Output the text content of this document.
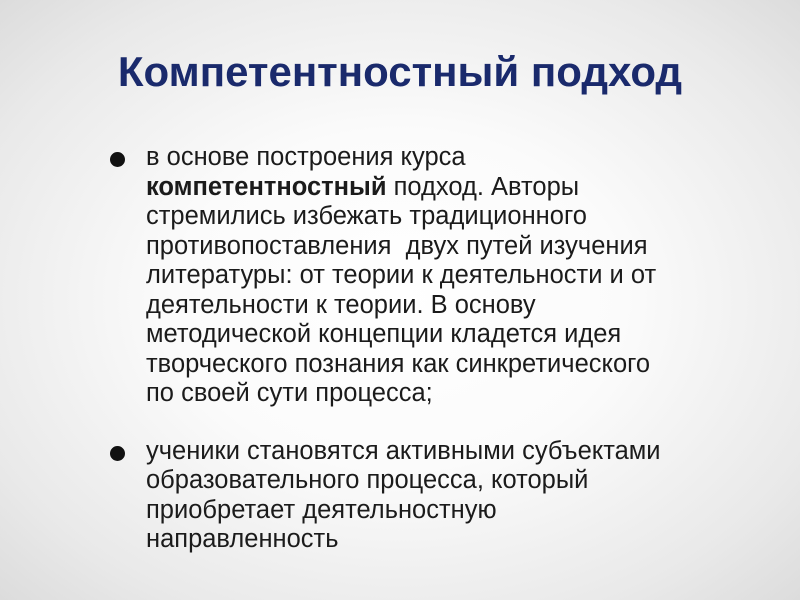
Компетентностный подход
в основе построения курса
компетентностный подход. Авторы
стремились избежать традиционного
противопоставления  двух путей изучения
литературы: от теории к деятельности и от
деятельности к теории. В основу
методической концепции кладется идея
творческого познания как синкретического
по своей сути процесса;
ученики становятся активными субъектами
образовательного процесса, который
приобретает деятельностную
направленность
